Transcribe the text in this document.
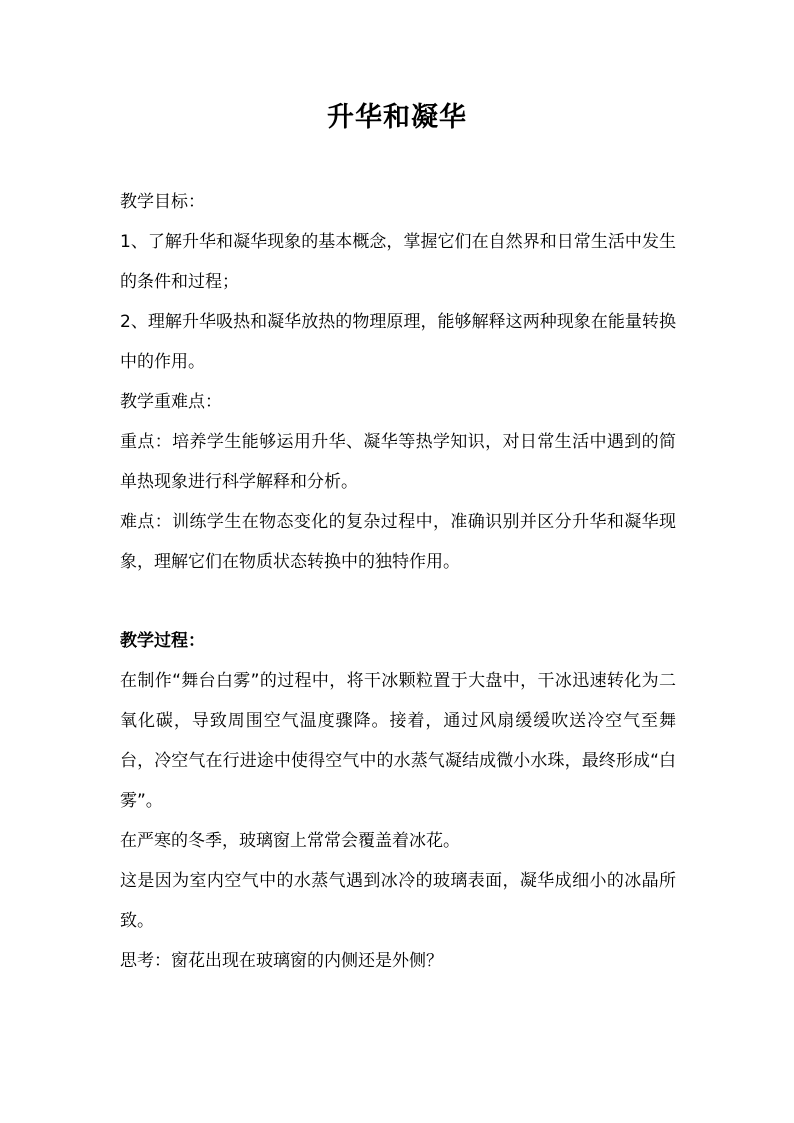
升华和凝华

教学目标：

1、了解升华和凝华现象的基本概念，掌握它们在自然界和日常生活中发生的条件和过程；

2、理解升华吸热和凝华放热的物理原理，能够解释这两种现象在能量转换中的作用。

教学重难点：

重点：培养学生能够运用升华、凝华等热学知识，对日常生活中遇到的简单热现象进行科学解释和分析。

难点：训练学生在物态变化的复杂过程中，准确识别并区分升华和凝华现象，理解它们在物质状态转换中的独特作用。

教学过程：

在制作“舞台白雾”的过程中，将干冰颗粒置于大盘中，干冰迅速转化为二氧化碳，导致周围空气温度骤降。接着，通过风扇缓缓吹送冷空气至舞台，冷空气在行进途中使得空气中的水蒸气凝结成微小水珠，最终形成“白雾”。

在严寒的冬季，玻璃窗上常常会覆盖着冰花。

这是因为室内空气中的水蒸气遇到冰冷的玻璃表面，凝华成细小的冰晶所致。

思考：窗花出现在玻璃窗的内侧还是外侧？
